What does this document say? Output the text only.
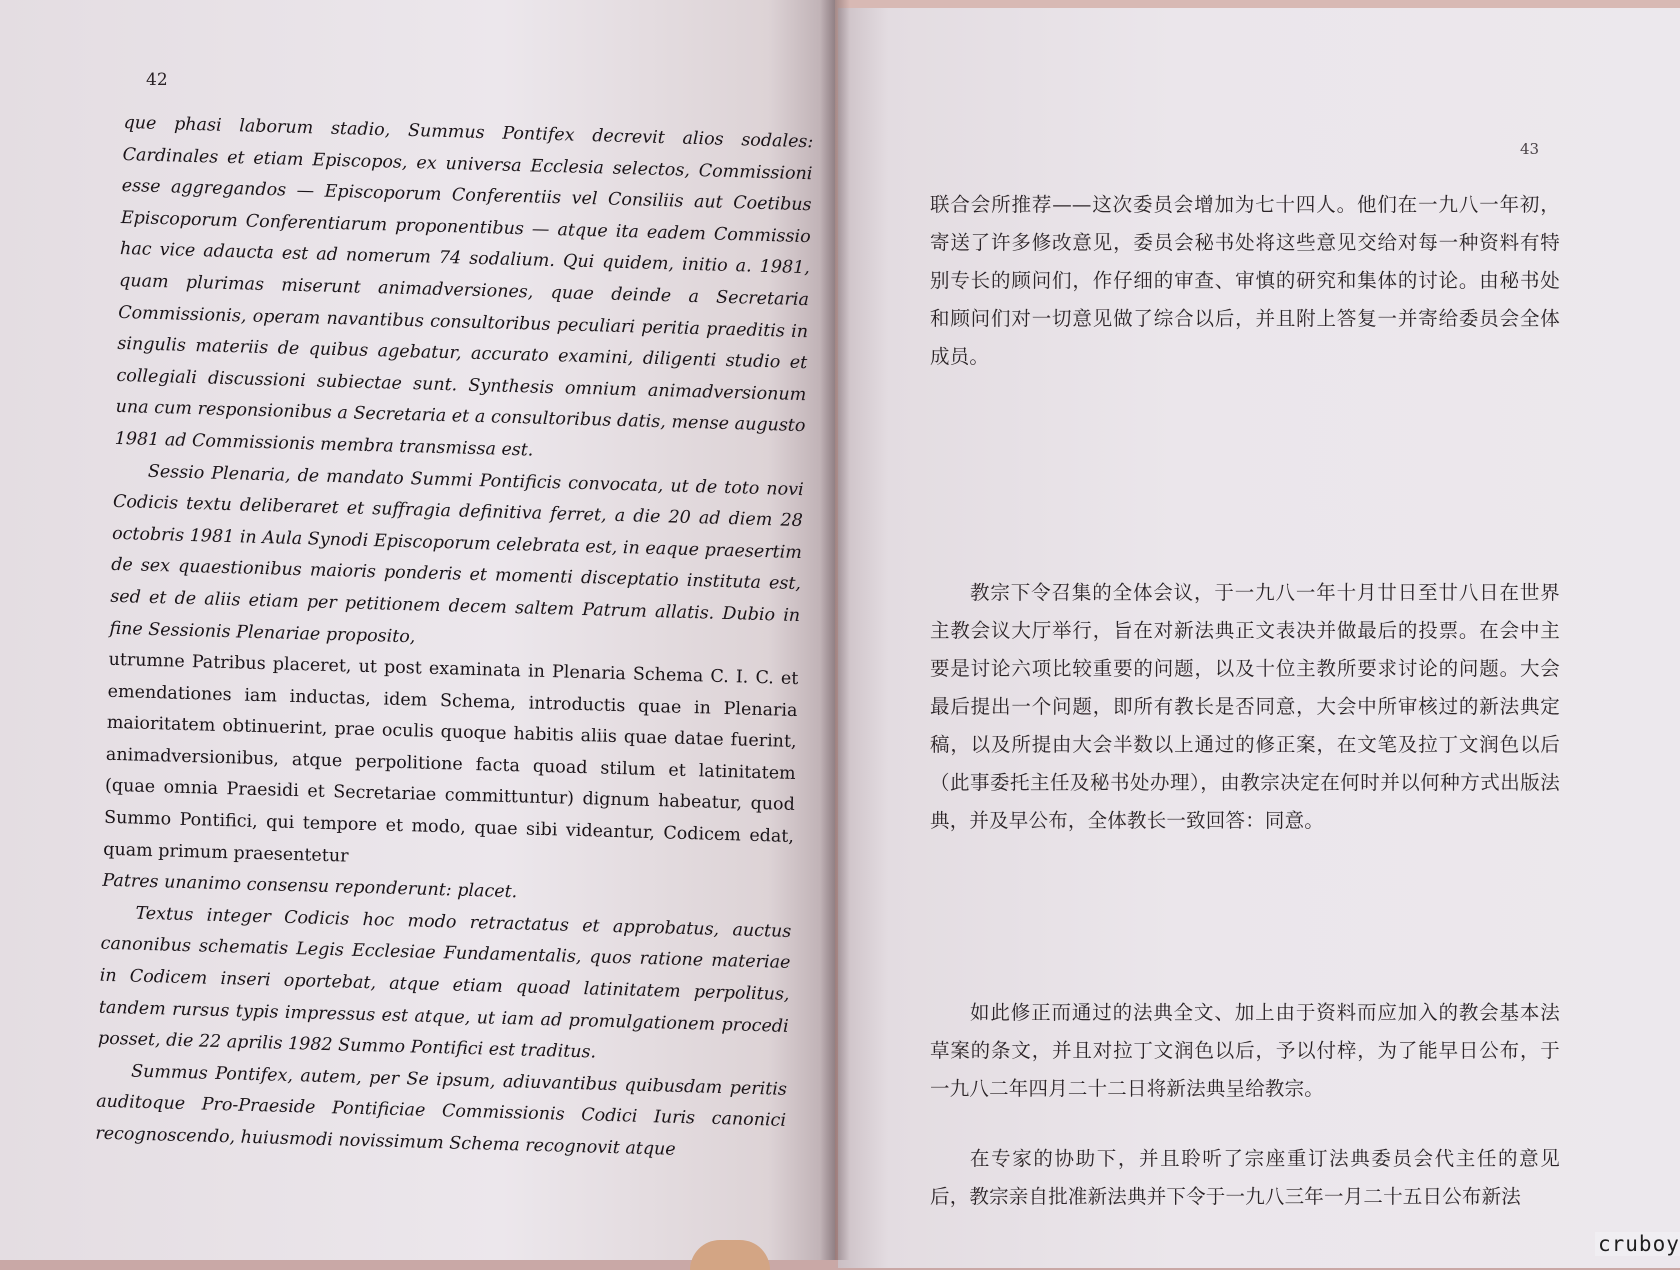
42
43

que phasi laborum stadio, Summus Pontifex decrevit alios sodales: Cardinales et etiam Episcopos, ex universa Ecclesia selectos, Commissioni esse aggregandos — Episcoporum Conferentiis vel Consiliis aut Coetibus Episcoporum Conferentiarum proponentibus — atque ita eadem Commissio hac vice adaucta est ad nomerum 74 sodalium. Qui quidem, initio a. 1981, quam plurimas miserunt animadversiones, quae deinde a Secretaria Commissionis, operam navantibus consultoribus peculiari peritia praeditis in singulis materiis de quibus agebatur, accurato examini, diligenti studio et collegiali discussioni subiectae sunt. Synthesis omnium animadversionum una cum responsionibus a Secretaria et a consultoribus datis, mense augusto 1981 ad Commissionis membra transmissa est.

Sessio Plenaria, de mandato Summi Pontificis convocata, ut de toto novi Codicis textu deliberaret et suffragia definitiva ferret, a die 20 ad diem 28 octobris 1981 in Aula Synodi Episcoporum celebrata est, in eaque praesertim de sex quaestionibus maioris ponderis et momenti disceptatio instituta est, sed et de aliis etiam per petitionem decem saltem Patrum allatis. Dubio in fine Sessionis Plenariae proposito,

utrumne Patribus placeret, ut post examinata in Plenaria Schema C. I. C. et emendationes iam inductas, idem Schema, introductis quae in Plenaria maioritatem obtinuerint, prae oculis quoque habitis aliis quae datae fuerint, animadversionibus, atque perpolitione facta quoad stilum et latinitatem (quae omnia Praesidi et Secretariae committuntur) dignum habeatur, quod Summo Pontifici, qui tempore et modo, quae sibi videantur, Codicem edat, quam primum praesentetur

Patres unanimo consensu reponderunt: placet.

Textus integer Codicis hoc modo retractatus et approbatus, auctus canonibus schematis Legis Ecclesiae Fundamentalis, quos ratione materiae in Codicem inseri oportebat, atque etiam quoad latinitatem perpolitus, tandem rursus typis impressus est atque, ut iam ad promulgationem procedi posset, die 22 aprilis 1982 Summo Pontifici est traditus.

Summus Pontifex, autem, per Se ipsum, adiuvantibus quibusdam peritis auditoque Pro-Praeside Pontificiae Commissionis Codici Iuris canonici recognoscendo, huiusmodi novissimum Schema recognovit atque

联合会所推荐——这次委员会增加为七十四人。他们在一九八一年初，寄送了许多修改意见，委员会秘书处将这些意见交给对每一种资料有特别专长的顾问们，作仔细的审查、审慎的研究和集体的讨论。由秘书处和顾问们对一切意见做了综合以后，并且附上答复一并寄给委员会全体成员。
教宗下令召集的全体会议，于一九八一年十月廿日至廿八日在世界主教会议大厅举行，旨在对新法典正文表决并做最后的投票。在会中主要是讨论六项比较重要的问题，以及十位主教所要求讨论的问题。大会最后提出一个问题，即所有教长是否同意，大会中所审核过的新法典定稿，以及所提由大会半数以上通过的修正案，在文笔及拉丁文润色以后（此事委托主任及秘书处办理），由教宗决定在何时并以何种方式出版法典，并及早公布，全体教长一致回答：同意。
如此修正而通过的法典全文、加上由于资料而应加入的教会基本法草案的条文，并且对拉丁文润色以后，予以付梓，为了能早日公布，于一九八二年四月二十二日将新法典呈给教宗。
在专家的协助下，并且聆听了宗座重订法典委员会代主任的意见后，教宗亲自批准新法典并下令于一九八三年一月二十五日公布新法
cruboy
